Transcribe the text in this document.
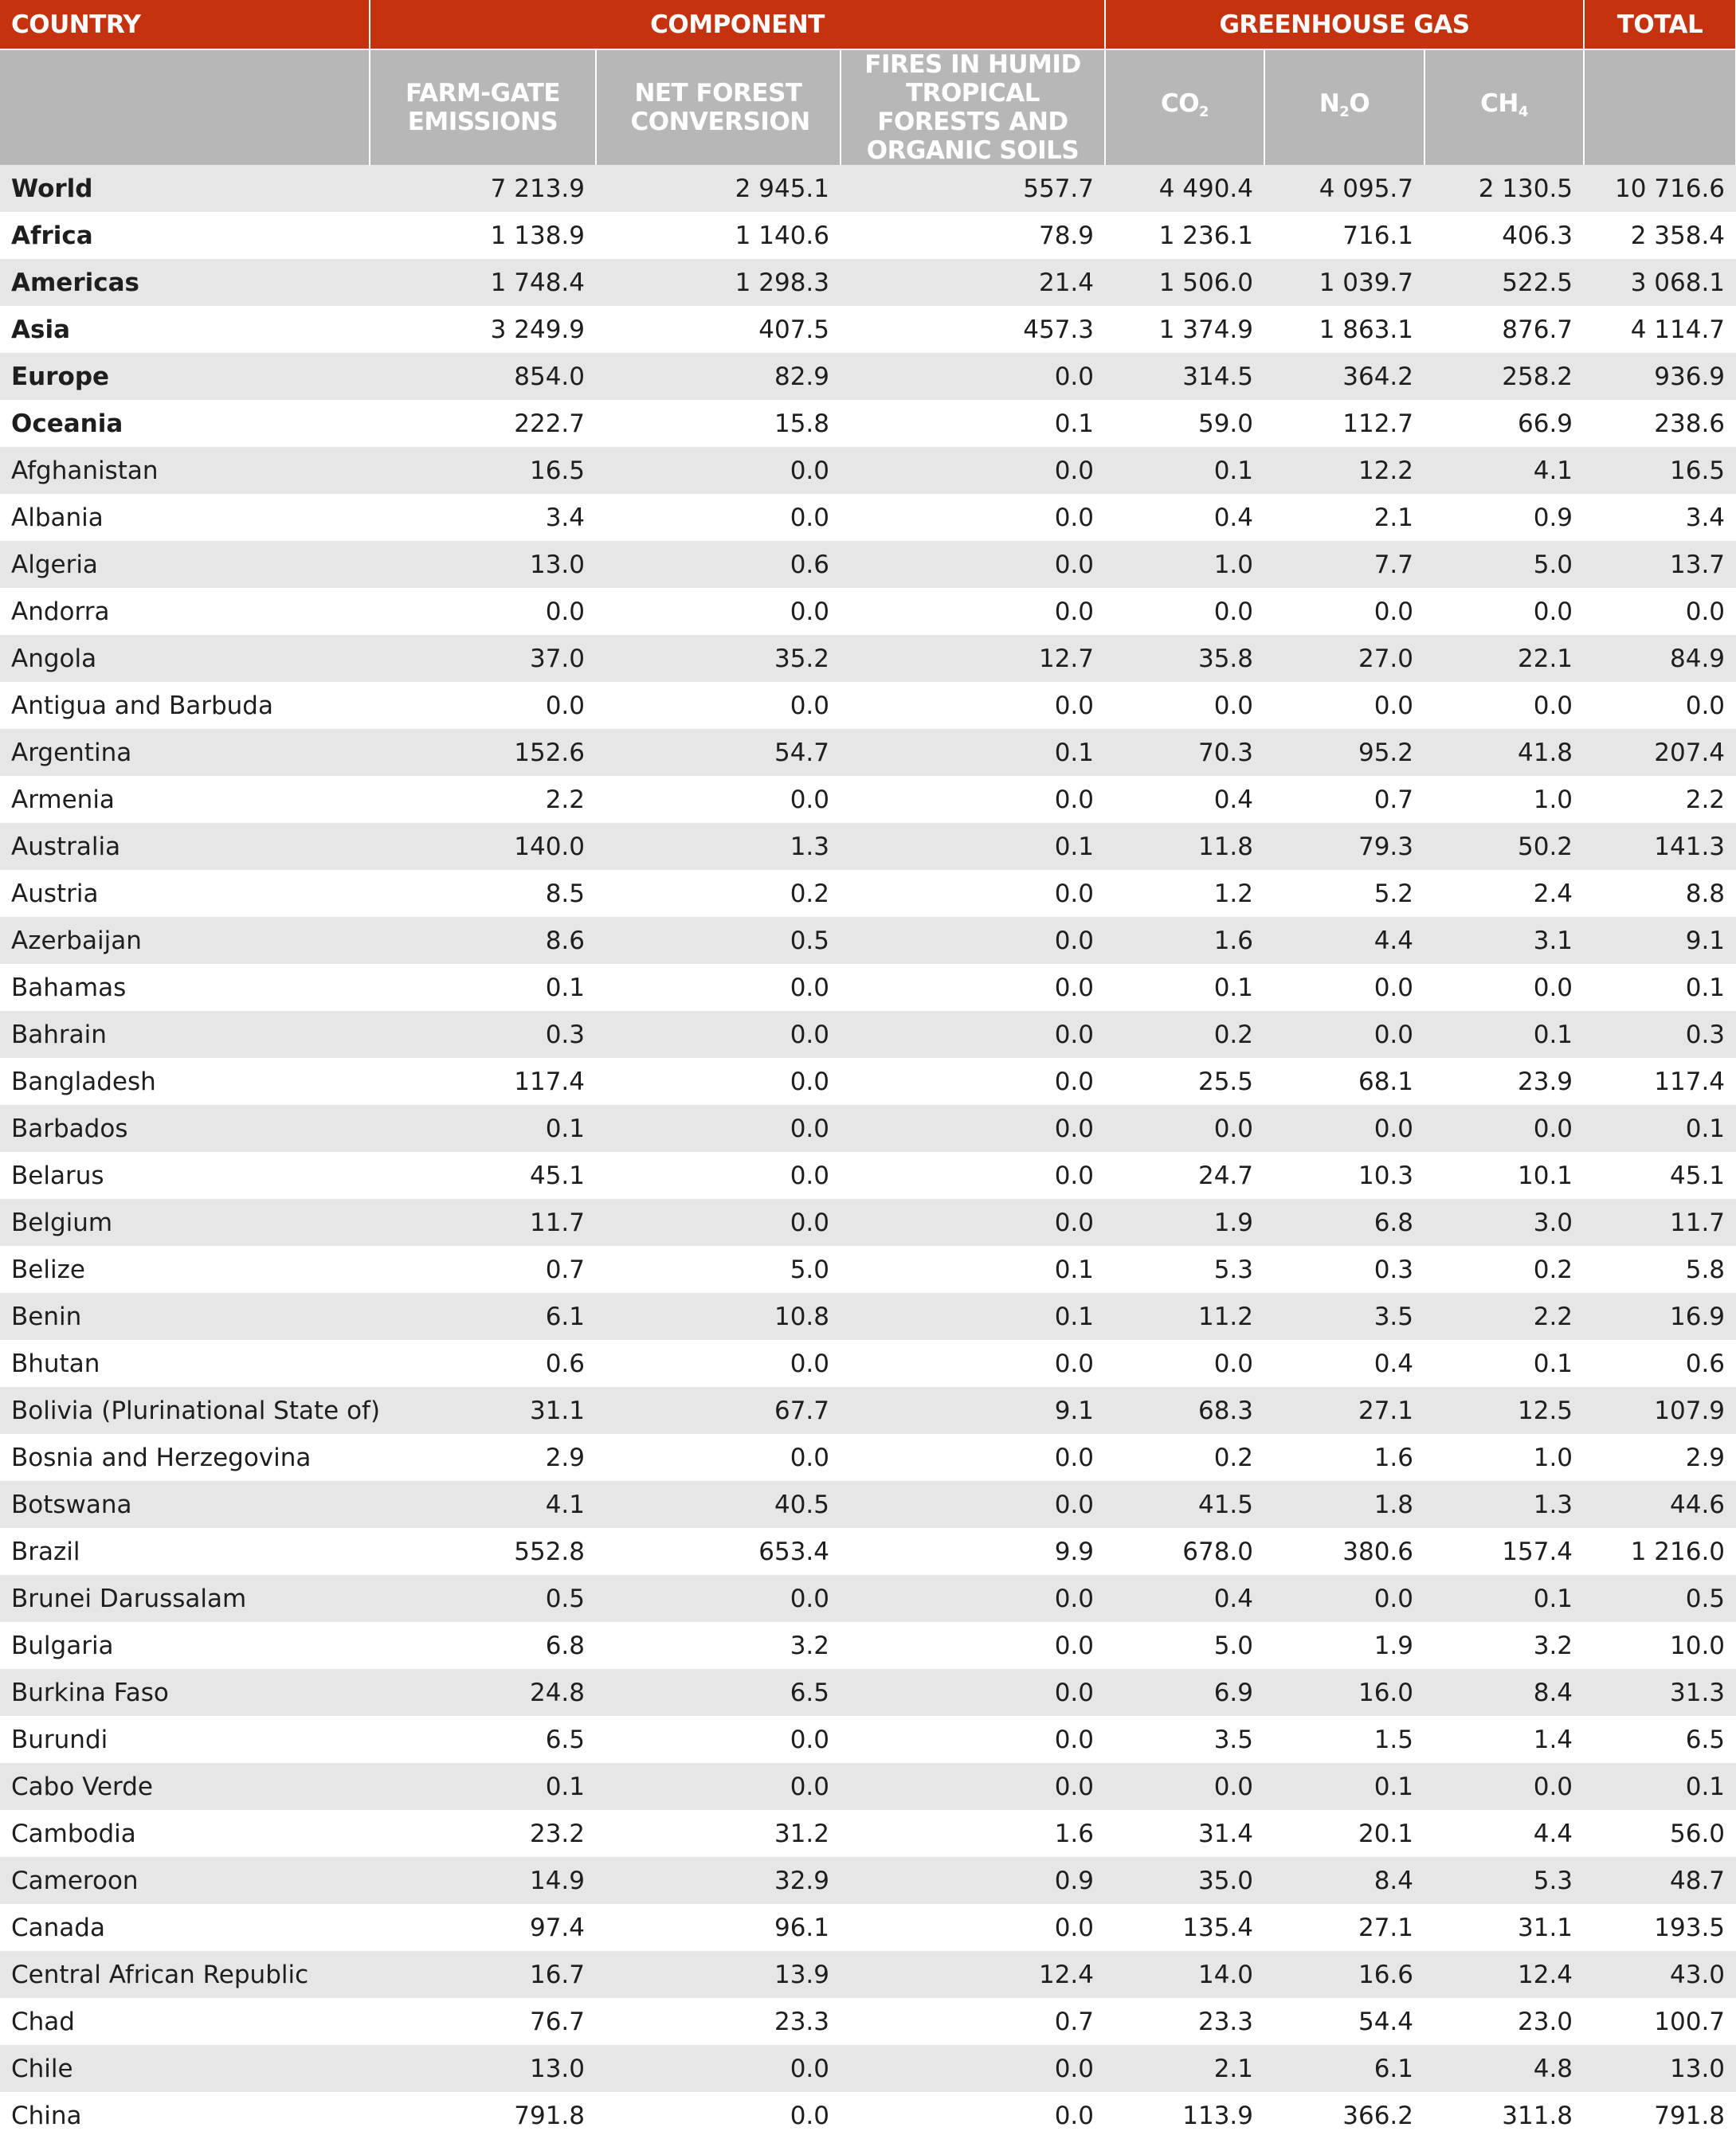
COUNTRY	COMPONENT			GREENHOUSE GAS			TOTAL
	FARM-GATE EMISSIONS	NET FOREST CONVERSION	FIRES IN HUMID TROPICAL FORESTS AND ORGANIC SOILS	$CO_2$	$N_2O$	$CH_4$	
World	7 213.9	2 945.1	557.7	4 490.4	4 095.7	2 130.5	10 716.6
Africa	1 138.9	1 140.6	78.9	1 236.1	716.1	406.3	2 358.4
Americas	1 748.4	1 298.3	21.4	1 506.0	1 039.7	522.5	3 068.1
Asia	3 249.9	407.5	457.3	1 374.9	1 863.1	876.7	4 114.7
Europe	854.0	82.9	0.0	314.5	364.2	258.2	936.9
Oceania	222.7	15.8	0.1	59.0	112.7	66.9	238.6
Afghanistan	16.5	0.0	0.0	0.1	12.2	4.1	16.5
Albania	3.4	0.0	0.0	0.4	2.1	0.9	3.4
Algeria	13.0	0.6	0.0	1.0	7.7	5.0	13.7
Andorra	0.0	0.0	0.0	0.0	0.0	0.0	0.0
Angola	37.0	35.2	12.7	35.8	27.0	22.1	84.9
Antigua and Barbuda	0.0	0.0	0.0	0.0	0.0	0.0	0.0
Argentina	152.6	54.7	0.1	70.3	95.2	41.8	207.4
Armenia	2.2	0.0	0.0	0.4	0.7	1.0	2.2
Australia	140.0	1.3	0.1	11.8	79.3	50.2	141.3
Austria	8.5	0.2	0.0	1.2	5.2	2.4	8.8
Azerbaijan	8.6	0.5	0.0	1.6	4.4	3.1	9.1
Bahamas	0.1	0.0	0.0	0.1	0.0	0.0	0.1
Bahrain	0.3	0.0	0.0	0.2	0.0	0.1	0.3
Bangladesh	117.4	0.0	0.0	25.5	68.1	23.9	117.4
Barbados	0.1	0.0	0.0	0.0	0.0	0.0	0.1
Belarus	45.1	0.0	0.0	24.7	10.3	10.1	45.1
Belgium	11.7	0.0	0.0	1.9	6.8	3.0	11.7
Belize	0.7	5.0	0.1	5.3	0.3	0.2	5.8
Benin	6.1	10.8	0.1	11.2	3.5	2.2	16.9
Bhutan	0.6	0.0	0.0	0.0	0.4	0.1	0.6
Bolivia (Plurinational State of)	31.1	67.7	9.1	68.3	27.1	12.5	107.9
Bosnia and Herzegovina	2.9	0.0	0.0	0.2	1.6	1.0	2.9
Botswana	4.1	40.5	0.0	41.5	1.8	1.3	44.6
Brazil	552.8	653.4	9.9	678.0	380.6	157.4	1 216.0
Brunei Darussalam	0.5	0.0	0.0	0.4	0.0	0.1	0.5
Bulgaria	6.8	3.2	0.0	5.0	1.9	3.2	10.0
Burkina Faso	24.8	6.5	0.0	6.9	16.0	8.4	31.3
Burundi	6.5	0.0	0.0	3.5	1.5	1.4	6.5
Cabo Verde	0.1	0.0	0.0	0.0	0.1	0.0	0.1
Cambodia	23.2	31.2	1.6	31.4	20.1	4.4	56.0
Cameroon	14.9	32.9	0.9	35.0	8.4	5.3	48.7
Canada	97.4	96.1	0.0	135.4	27.1	31.1	193.5
Central African Republic	16.7	13.9	12.4	14.0	16.6	12.4	43.0
Chad	76.7	23.3	0.7	23.3	54.4	23.0	100.7
Chile	13.0	0.0	0.0	2.1	6.1	4.8	13.0
China	791.8	0.0	0.0	113.9	366.2	311.8	791.8
